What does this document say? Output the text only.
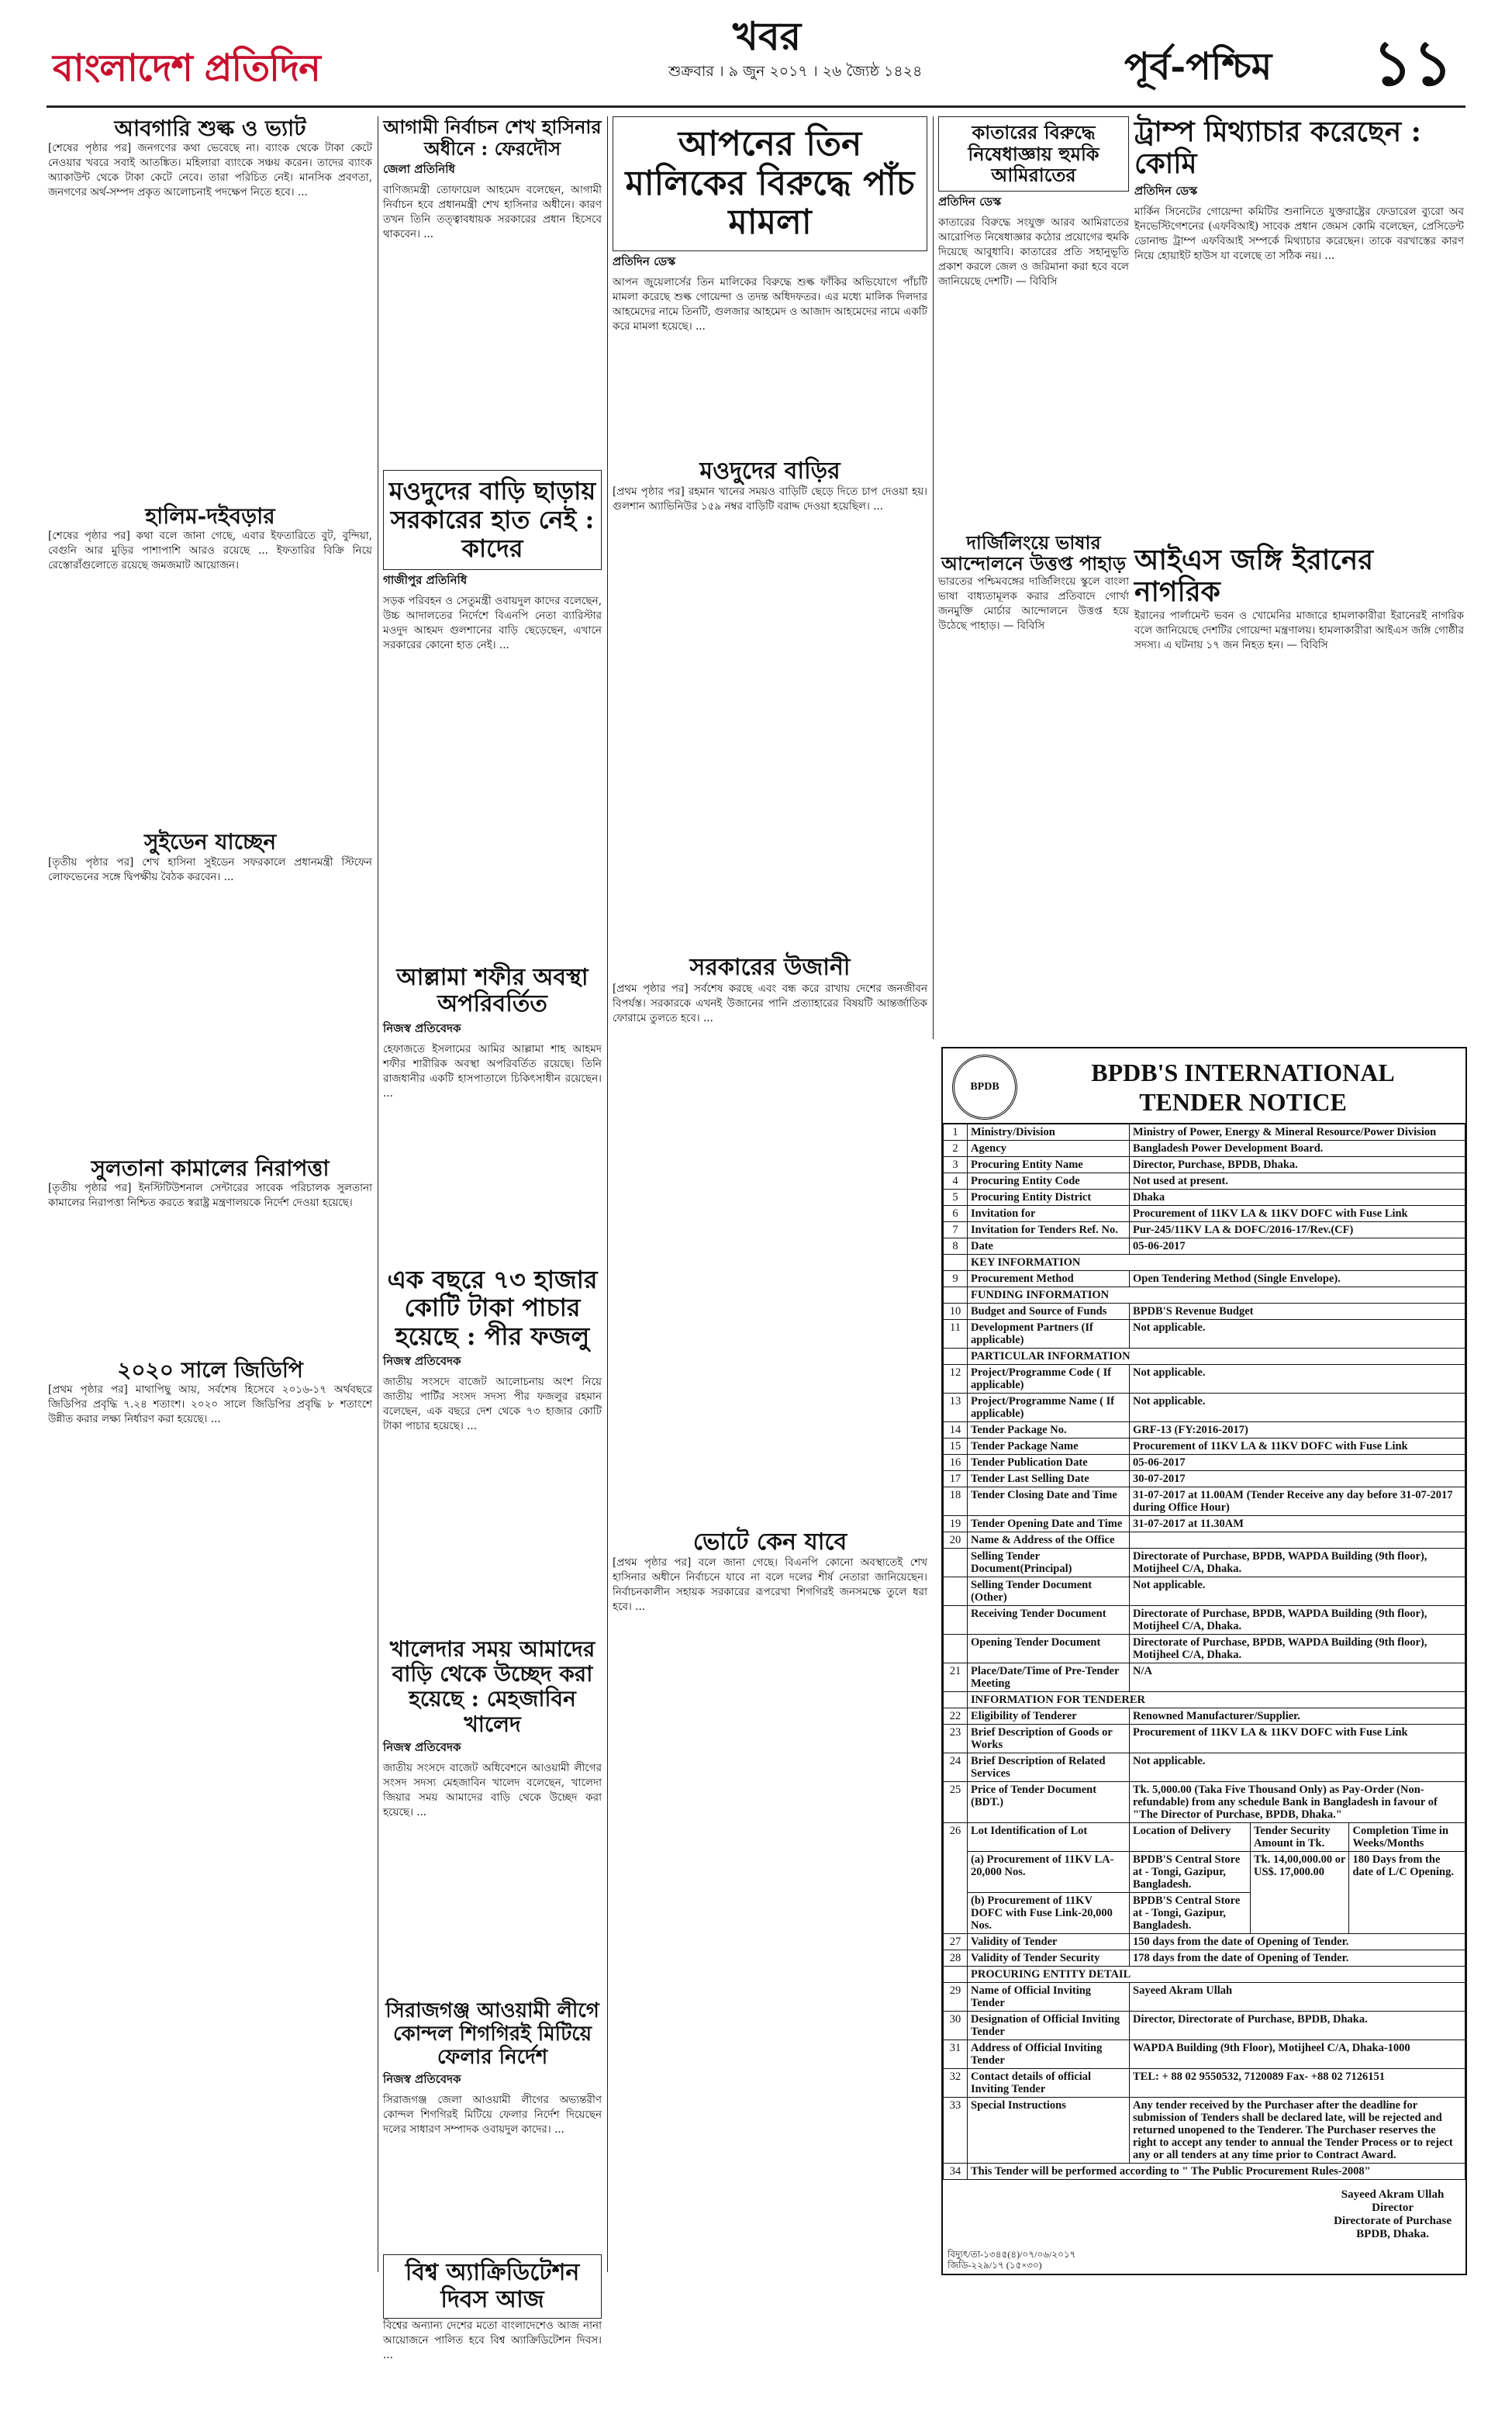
বাংলাদেশ প্রতিদিন
খবর
শুক্রবার । ৯ জুন ২০১৭ । ২৬ জ্যৈষ্ঠ ১৪২৪	পূর্ব-পশ্চিম ১১
আবগারি শুল্ক ও ভ্যাট

[শেষের পৃষ্ঠার পর] জনগণের কথা ভেবেছে না। ব্যাংক থেকে টাকা কেটে নেওয়ার খবরে সবাই আতঙ্কিত। মহিলারা ব্যাংকে সঞ্চয় করেন। তাদের ব্যাংক অ্যাকাউন্ট থেকে টাকা কেটে নেবে। তারা পরিচিত নেই। মানসিক প্রবণতা, জনগণের অর্থ-সম্পদ প্রকৃত আলোচনাই পদক্ষেপ নিতে হবে। ...

হালিম-দইবড়ার

[শেষের পৃষ্ঠার পর] কথা বলে জানা গেছে, এবার ইফতারিতে বুট, বুন্দিয়া, বেগুনি আর মুড়ির পাশাপাশি আরও রয়েছে ... ইফতারির বিক্রি নিয়ে রেস্তোরাঁগুলোতে রয়েছে জমজমাট আয়োজন।

সুইডেন যাচ্ছেন

[তৃতীয় পৃষ্ঠার পর] শেখ হাসিনা সুইডেন সফরকালে প্রধানমন্ত্রী স্টিফেন লোফভেনের সঙ্গে দ্বিপক্ষীয় বৈঠক করবেন। ...

সুলতানা কামালের নিরাপত্তা

[তৃতীয় পৃষ্ঠার পর] ইনস্টিটিউশনাল সেন্টারের সাবেক পরিচালক সুলতানা কামালের নিরাপত্তা নিশ্চিত করতে স্বরাষ্ট্র মন্ত্রণালয়কে নির্দেশ দেওয়া হয়েছে।

২০২০ সালে জিডিপি

[প্রথম পৃষ্ঠার পর] মাথাপিছু আয়, সর্বশেষ হিসেবে ২০১৬-১৭ অর্থবছরে জিডিপির প্রবৃদ্ধি ৭.২৪ শতাংশ। ২০২০ সালে জিডিপির প্রবৃদ্ধি ৮ শতাংশে উন্নীত করার লক্ষ্য নির্ধারণ করা হয়েছে। ...

আগামী নির্বাচন শেখ হাসিনার অধীনে : ফেরদৌস
জেলা প্রতিনিধি

বাণিজ্যমন্ত্রী তোফায়েল আহমেদ বলেছেন, আগামী নির্বাচন হবে প্রধানমন্ত্রী শেখ হাসিনার অধীনে। কারণ তখন তিনি তত্ত্বাবধায়ক সরকারের প্রধান হিসেবে থাকবেন। ...

মওদুদের বাড়ি ছাড়ায় সরকারের হাত নেই : কাদের
গাজীপুর প্রতিনিধি

সড়ক পরিবহন ও সেতুমন্ত্রী ওবায়দুল কাদের বলেছেন, উচ্চ আদালতের নির্দেশে বিএনপি নেতা ব্যারিস্টার মওদুদ আহমদ গুলশানের বাড়ি ছেড়েছেন, এখানে সরকারের কোনো হাত নেই। ...

আল্লামা শফীর অবস্থা অপরিবর্তিত
নিজস্ব প্রতিবেদক

হেফাজতে ইসলামের আমির আল্লামা শাহ আহমদ শফীর শারীরিক অবস্থা অপরিবর্তিত রয়েছে। তিনি রাজধানীর একটি হাসপাতালে চিকিৎসাধীন রয়েছেন। ...

এক বছরে ৭৩ হাজার কোটি টাকা পাচার হয়েছে : পীর ফজলু
নিজস্ব প্রতিবেদক

জাতীয় সংসদে বাজেট আলোচনায় অংশ নিয়ে জাতীয় পার্টির সংসদ সদস্য পীর ফজলুর রহমান বলেছেন, এক বছরে দেশ থেকে ৭৩ হাজার কোটি টাকা পাচার হয়েছে। ...

খালেদার সময় আমাদের বাড়ি থেকে উচ্ছেদ করা হয়েছে : মেহজাবিন খালেদ
নিজস্ব প্রতিবেদক

জাতীয় সংসদে বাজেট অধিবেশনে আওয়ামী লীগের সংসদ সদস্য মেহজাবিন খালেদ বলেছেন, খালেদা জিয়ার সময় আমাদের বাড়ি থেকে উচ্ছেদ করা হয়েছে। ...

সিরাজগঞ্জ আওয়ামী লীগে কোন্দল শিগগিরই মিটিয়ে ফেলার নির্দেশ
নিজস্ব প্রতিবেদক

সিরাজগঞ্জ জেলা আওয়ামী লীগের অভ্যন্তরীণ কোন্দল শিগগিরই মিটিয়ে ফেলার নির্দেশ দিয়েছেন দলের সাধারণ সম্পাদক ওবায়দুল কাদের। ...

বিশ্ব অ্যাক্রিডিটেশন দিবস আজ

বিশ্বের অন্যান্য দেশের মতো বাংলাদেশেও আজ নানা আয়োজনে পালিত হবে বিশ্ব অ্যাক্রিডিটেশন দিবস। ...

আপনের তিন মালিকের বিরুদ্ধে পাঁচ মামলা
প্রতিদিন ডেস্ক

আপন জুয়েলার্সের তিন মালিকের বিরুদ্ধে শুল্ক ফাঁকির অভিযোগে পাঁচটি মামলা করেছে শুল্ক গোয়েন্দা ও তদন্ত অধিদফতর। এর মধ্যে মালিক দিলদার আহমেদের নামে তিনটি, গুলজার আহমেদ ও আজাদ আহমেদের নামে একটি করে মামলা হয়েছে। ...

মওদুদের বাড়ির

[প্রথম পৃষ্ঠার পর] রহমান খানের সময়ও বাড়িটি ছেড়ে দিতে চাপ দেওয়া হয়। গুলশান অ্যাভিনিউর ১৫৯ নম্বর বাড়িটি বরাদ্দ দেওয়া হয়েছিল। ...

সরকারের উজানী

[প্রথম পৃষ্ঠার পর] সর্বশেষ করছে এবং বন্ধ করে রাখায় দেশের জনজীবন বিপর্যস্ত। সরকারকে এখনই উজানের পানি প্রত্যাহারের বিষয়টি আন্তর্জাতিক ফোরামে তুলতে হবে। ...

ভোটে কেন যাবে

[প্রথম পৃষ্ঠার পর] বলে জানা গেছে। বিএনপি কোনো অবস্থাতেই শেখ হাসিনার অধীনে নির্বাচনে যাবে না বলে দলের শীর্ষ নেতারা জানিয়েছেন। নির্বাচনকালীন সহায়ক সরকারের রূপরেখা শিগগিরই জনসমক্ষে তুলে ধরা হবে। ...

কাতারের বিরুদ্ধে নিষেধাজ্ঞায় হুমকি আমিরাতের
প্রতিদিন ডেস্ক

কাতারের বিরুদ্ধে সংযুক্ত আরব আমিরাতের আরোপিত নিষেধাজ্ঞার কঠোর প্রয়োগের হুমকি দিয়েছে আবুধাবি। কাতারের প্রতি সহানুভূতি প্রকাশ করলে জেল ও জরিমানা করা হবে বলে জানিয়েছে দেশটি। — বিবিসি

দার্জিলিংয়ে ভাষার আন্দোলনে উত্তপ্ত পাহাড়

ভারতের পশ্চিমবঙ্গের দার্জিলিংয়ে স্কুলে বাংলা ভাষা বাধ্যতামূলক করার প্রতিবাদে গোর্খা জনমুক্তি মোর্চার আন্দোলনে উত্তপ্ত হয়ে উঠেছে পাহাড়। — বিবিসি

ট্রাম্প মিথ্যাচার করেছেন : কোমি
প্রতিদিন ডেস্ক

মার্কিন সিনেটের গোয়েন্দা কমিটির শুনানিতে যুক্তরাষ্ট্রের ফেডারেল ব্যুরো অব ইনভেস্টিগেশনের (এফবিআই) সাবেক প্রধান জেমস কোমি বলেছেন, প্রেসিডেন্ট ডোনাল্ড ট্রাম্প এফবিআই সম্পর্কে মিথ্যাচার করেছেন। তাকে বরখাস্তের কারণ নিয়ে হোয়াইট হাউস যা বলেছে তা সঠিক নয়। ...

আইএস জঙ্গি ইরানের নাগরিক

ইরানের পার্লামেন্ট ভবন ও খোমেনির মাজারে হামলাকারীরা ইরানেরই নাগরিক বলে জানিয়েছে দেশটির গোয়েন্দা মন্ত্রণালয়। হামলাকারীরা আইএস জঙ্গি গোষ্ঠীর সদস্য। এ ঘটনায় ১৭ জন নিহত হন। — বিবিসি

BPDB
BPDB'S INTERNATIONAL
TENDER NOTICE
1	Ministry/Division	Ministry of Power, Energy & Mineral Resource/Power Division		
2	Agency	Bangladesh Power Development Board.		
3	Procuring Entity Name	Director, Purchase, BPDB, Dhaka.		
4	Procuring Entity Code	Not used at present.		
5	Procuring Entity District	Dhaka		
6	Invitation for	Procurement of 11KV LA & 11KV DOFC with Fuse Link		
7	Invitation for Tenders Ref. No.	Pur-245/11KV LA & DOFC/2016-17/Rev.(CF)		
8	Date	05-06-2017		
	KEY INFORMATION			
9	Procurement Method	Open Tendering Method (Single Envelope).		
	FUNDING INFORMATION			
10	Budget and Source of Funds	BPDB'S Revenue Budget		
11	Development Partners (If applicable)	Not applicable.		
	PARTICULAR INFORMATION			
12	Project/Programme Code ( If applicable)	Not applicable.		
13	Project/Programme Name ( If applicable)	Not applicable.		
14	Tender Package No.	GRF-13 (FY:2016-2017)		
15	Tender Package Name	Procurement of 11KV LA & 11KV DOFC with Fuse Link		
16	Tender Publication Date	05-06-2017		
17	Tender Last Selling Date	30-07-2017		
18	Tender Closing Date and Time	31-07-2017 at 11.00AM (Tender Receive any day before 31-07-2017 during Office Hour)		
19	Tender Opening Date and Time	31-07-2017 at 11.30AM		
20	Name & Address of the Office			
	Selling Tender Document(Principal)	Directorate of Purchase, BPDB, WAPDA Building (9th floor), Motijheel C/A, Dhaka.		
	Selling Tender Document (Other)	Not applicable.		
	Receiving Tender Document	Directorate of Purchase, BPDB, WAPDA Building (9th floor), Motijheel C/A, Dhaka.		
	Opening Tender Document	Directorate of Purchase, BPDB, WAPDA Building (9th floor), Motijheel C/A, Dhaka.		
21	Place/Date/Time of Pre-Tender Meeting	N/A		
	INFORMATION FOR TENDERER			
22	Eligibility of Tenderer	Renowned Manufacturer/Supplier.		
23	Brief Description of Goods or Works	Procurement of 11KV LA & 11KV DOFC with Fuse Link		
24	Brief Description of Related Services	Not applicable.		
25	Price of Tender Document (BDT.)	Tk. 5,000.00 (Taka Five Thousand Only) as Pay-Order (Non-refundable) from any schedule Bank in Bangladesh in favour of "The Director of Purchase, BPDB, Dhaka."		
26	Lot Identification of Lot	Location of Delivery	Tender Security Amount in Tk.	Completion Time in Weeks/Months
	(a) Procurement of 11KV LA-20,000 Nos.	BPDB'S Central Store at - Tongi, Gazipur, Bangladesh.	Tk. 14,00,000.00 or US$. 17,000.00	180 Days from the date of L/C Opening.
	(b) Procurement of 11KV DOFC with Fuse Link-20,000 Nos.	BPDB'S Central Store at - Tongi, Gazipur, Bangladesh.		
27	Validity of Tender	150 days from the date of Opening of Tender.		
28	Validity of Tender Security	178 days from the date of Opening of Tender.		
	PROCURING ENTITY DETAIL			
29	Name of Official Inviting Tender	Sayeed Akram Ullah		
30	Designation of Official Inviting Tender	Director, Directorate of Purchase, BPDB, Dhaka.		
31	Address of Official Inviting Tender	WAPDA Building (9th Floor), Motijheel C/A, Dhaka-1000		
32	Contact details of official Inviting Tender	TEL: + 88 02 9550532, 7120089 Fax- +88 02 7126151		
33	Special Instructions	Any tender received by the Purchaser after the deadline for submission of Tenders shall be declared late, will be rejected and returned unopened to the Tenderer. The Purchaser reserves the right to accept any tender to annual the Tender Process or to reject any or all tenders at any time prior to Contract Award.		
34	This Tender will be performed according to " The Public Procurement Rules-2008"			
Sayeed Akram Ullah
Director
Directorate of Purchase
BPDB, Dhaka.
বিদ্যুৎ/তা-১৩৪৫(৪)/০৭/০৬/২০১৭
জিডি-২২৯/১৭ (১৫×৩০)
